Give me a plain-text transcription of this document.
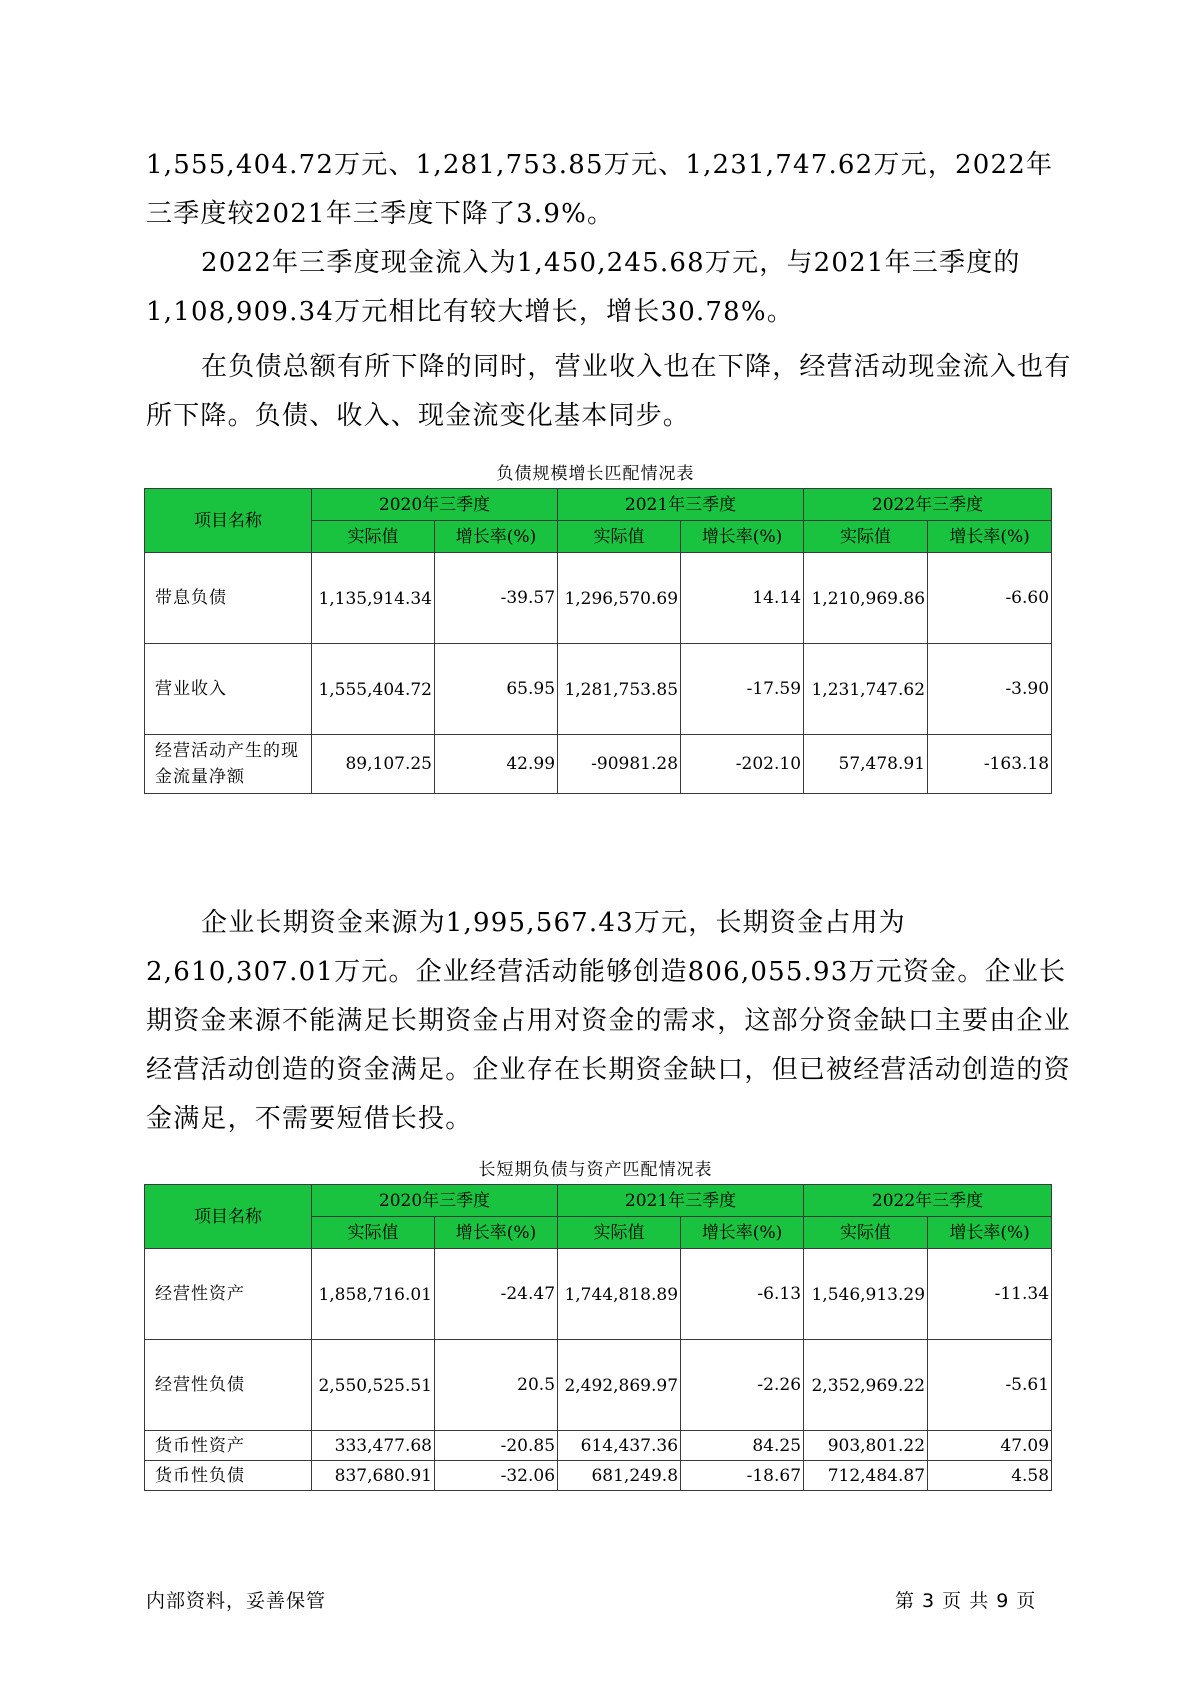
1,555,404.72万元、1,281,753.85万元、1,231,747.62万元，2022年三季度较2021年三季度下降了3.9%。

2022年三季度现金流入为1,450,245.68万元，与2021年三季度的1,108,909.34万元相比有较大增长，增长30.78%。

在负债总额有所下降的同时，营业收入也在下降，经营活动现金流入也有所下降。负债、收入、现金流变化基本同步。

负债规模增长匹配情况表
项目名称	2020年三季度		2021年三季度		2022年三季度	
	实际值	增长率(%)	实际值	增长率(%)	实际值	增长率(%)
带息负债	1,135,914.34	-39.57	1,296,570.69	14.14	1,210,969.86	-6.60
营业收入	1,555,404.72	65.95	1,281,753.85	-17.59	1,231,747.62	-3.90
经营活动产生的现金流量净额	89,107.25	42.99	-90981.28	-202.10	57,478.91	-163.18

企业长期资金来源为1,995,567.43万元，长期资金占用为2,610,307.01万元。企业经营活动能够创造806,055.93万元资金。企业长期资金来源不能满足长期资金占用对资金的需求，这部分资金缺口主要由企业经营活动创造的资金满足。企业存在长期资金缺口，但已被经营活动创造的资金满足，不需要短借长投。

长短期负债与资产匹配情况表
项目名称	2020年三季度		2021年三季度		2022年三季度	
	实际值	增长率(%)	实际值	增长率(%)	实际值	增长率(%)
经营性资产	1,858,716.01	-24.47	1,744,818.89	-6.13	1,546,913.29	-11.34
经营性负债	2,550,525.51	20.5	2,492,869.97	-2.26	2,352,969.22	-5.61
货币性资产	333,477.68	-20.85	614,437.36	84.25	903,801.22	47.09
货币性负债	837,680.91	-32.06	681,249.8	-18.67	712,484.87	4.58
内部资料，妥善保管	第 3 页 共 9 页
